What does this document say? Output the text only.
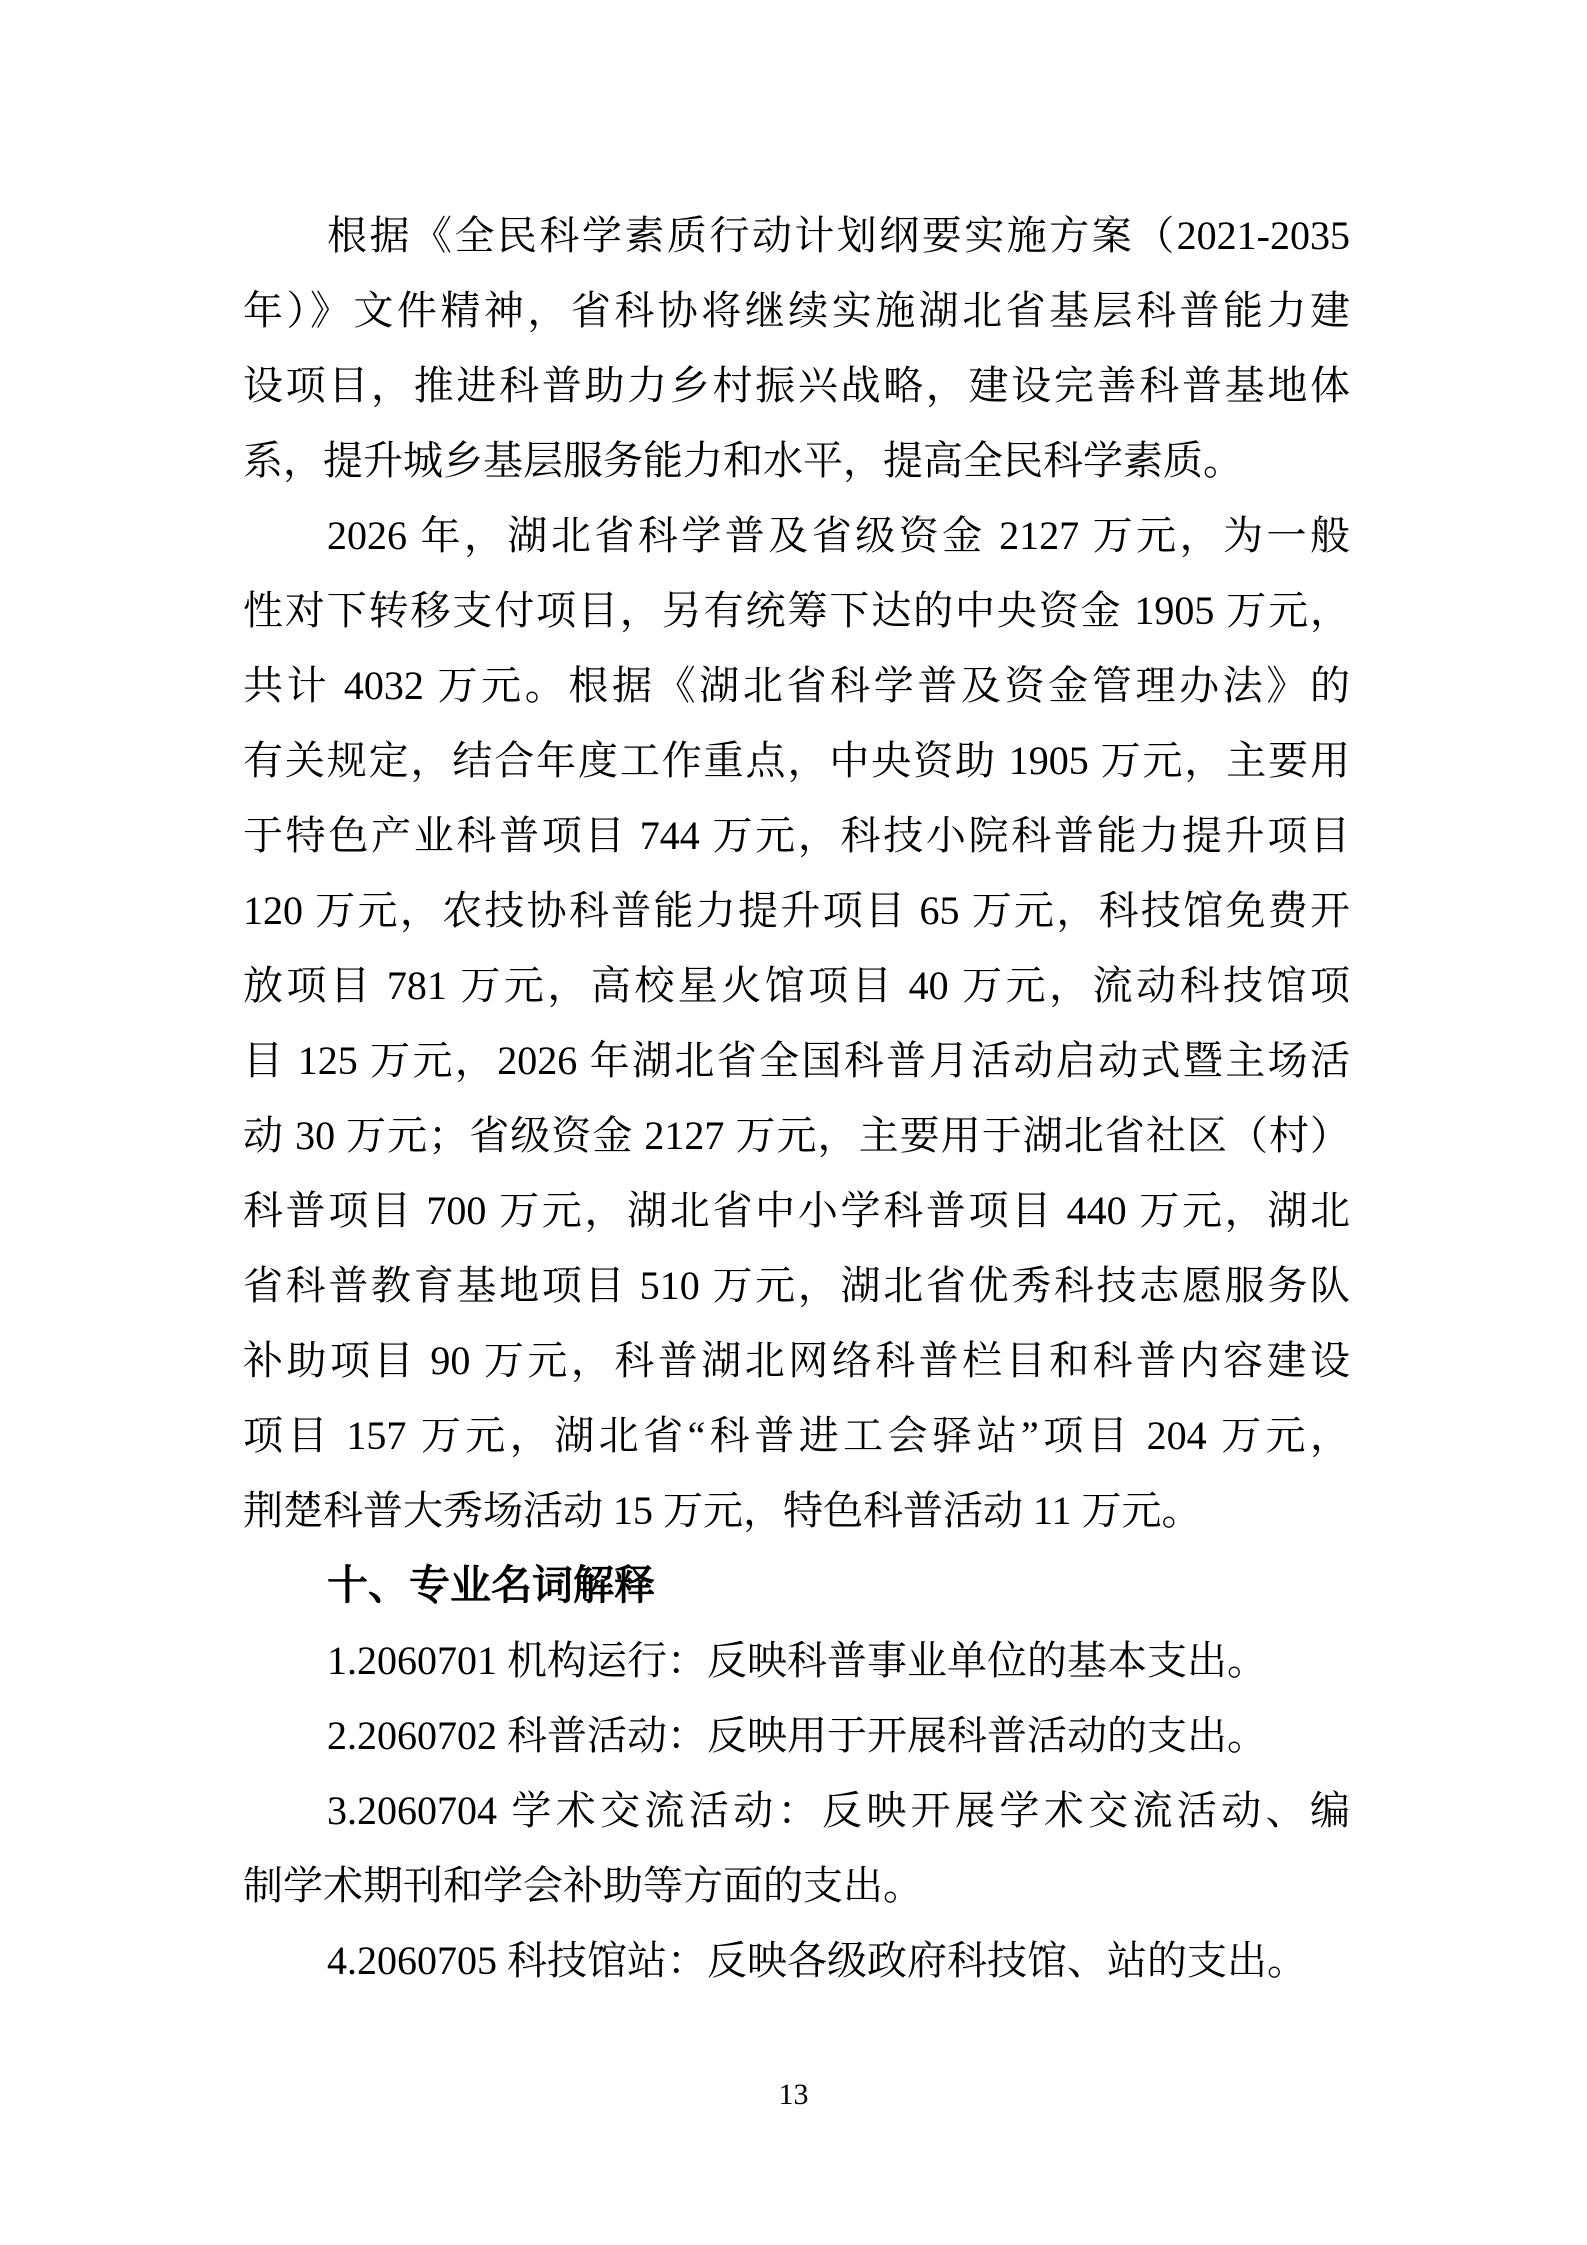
根据《全民科学素质行动计划纲要实施方案（2021-2035
年）》文件精神，省科协将继续实施湖北省基层科普能力建
设项目，推进科普助力乡村振兴战略，建设完善科普基地体
系，提升城乡基层服务能力和水平，提高全民科学素质。
2026 年，湖北省科学普及省级资金 2127 万元，为一般
性对下转移支付项目，另有统筹下达的中央资金 1905 万元，
共计 4032 万元。根据《湖北省科学普及资金管理办法》的
有关规定，结合年度工作重点，中央资助 1905 万元，主要用
于特色产业科普项目 744 万元，科技小院科普能力提升项目
120 万元，农技协科普能力提升项目 65 万元，科技馆免费开
放项目 781 万元，高校星火馆项目 40 万元，流动科技馆项
目 125 万元，2026 年湖北省全国科普月活动启动式暨主场活
动 30 万元；省级资金 2127 万元，主要用于湖北省社区（村）
科普项目 700 万元，湖北省中小学科普项目 440 万元，湖北
省科普教育基地项目 510 万元，湖北省优秀科技志愿服务队
补助项目 90 万元，科普湖北网络科普栏目和科普内容建设
项目 157 万元，湖北省“科普进工会驿站”项目 204 万元，
荆楚科普大秀场活动 15 万元，特色科普活动 11 万元。
十、专业名词解释
1.2060701 机构运行：反映科普事业单位的基本支出。
2.2060702 科普活动：反映用于开展科普活动的支出。
3.2060704 学术交流活动：反映开展学术交流活动、编
制学术期刊和学会补助等方面的支出。
4.2060705 科技馆站：反映各级政府科技馆、站的支出。
13
